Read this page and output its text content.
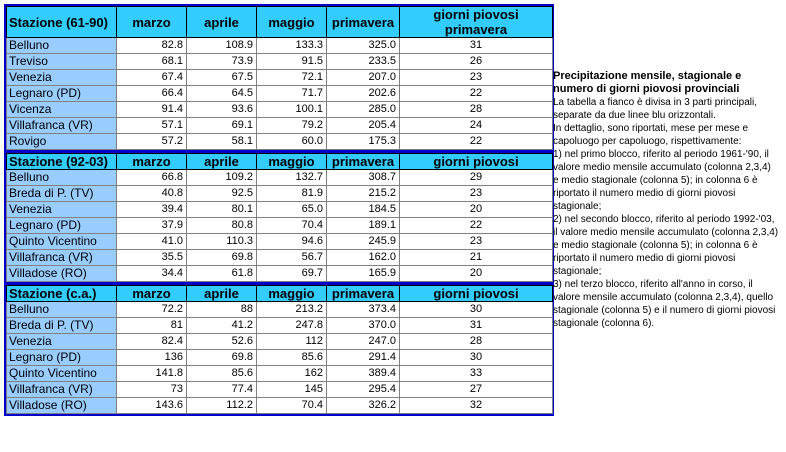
Stazione (61-90)	marzo	aprile	maggio	primavera	giorni piovosi primavera
Belluno	82.8	108.9	133.3	325.0	31
Treviso	68.1	73.9	91.5	233.5	26
Venezia	67.4	67.5	72.1	207.0	23
Legnaro (PD)	66.4	64.5	71.7	202.6	22
Vicenza	91.4	93.6	100.1	285.0	28
Villafranca (VR)	57.1	69.1	79.2	205.4	24
Rovigo	57.2	58.1	60.0	175.3	22
Stazione (92-03)	marzo	aprile	maggio	primavera	giorni piovosi
Belluno	66.8	109.2	132.7	308.7	29
Breda di P. (TV)	40.8	92.5	81.9	215.2	23
Venezia	39.4	80.1	65.0	184.5	20
Legnaro (PD)	37.9	80.8	70.4	189.1	22
Quinto Vicentino	41.0	110.3	94.6	245.9	23
Villafranca (VR)	35.5	69.8	56.7	162.0	21
Villadose (RO)	34.4	61.8	69.7	165.9	20
Stazione (c.a.)	marzo	aprile	maggio	primavera	giorni piovosi
Belluno	72.2	88	213.2	373.4	30
Breda di P. (TV)	81	41.2	247.8	370.0	31
Venezia	82.4	52.6	112	247.0	28
Legnaro (PD)	136	69.8	85.6	291.4	30
Quinto Vicentino	141.8	85.6	162	389.4	33
Villafranca (VR)	73	77.4	145	295.4	27
Villadose (RO)	143.6	112.2	70.4	326.2	32
Precipitazione mensile, stagionale e numero di giorni piovosi provinciali
La tabella a fianco è divisa in 3 parti principali, separate da due linee blu orizzontali.
In dettaglio, sono riportati, mese per mese e capoluogo per capoluogo, rispettivamente:
1) nel primo blocco, riferito al periodo 1961-'90, il valore medio mensile accumulato (colonna 2,3,4) e medio stagionale (colonna 5); in colonna 6 è riportato il numero medio di giorni piovosi stagionale;
2) nel secondo blocco, riferito al periodo 1992-'03, il valore medio mensile accumulato (colonna 2,3,4) e medio stagionale (colonna 5); in colonna 6 è riportato il numero medio di giorni piovosi stagionale;
3) nel terzo blocco, riferito all'anno in corso, il valore mensile accumulato (colonna 2,3,4), quello stagionale (colonna 5) e il numero di giorni piovosi stagionale (colonna 6).
